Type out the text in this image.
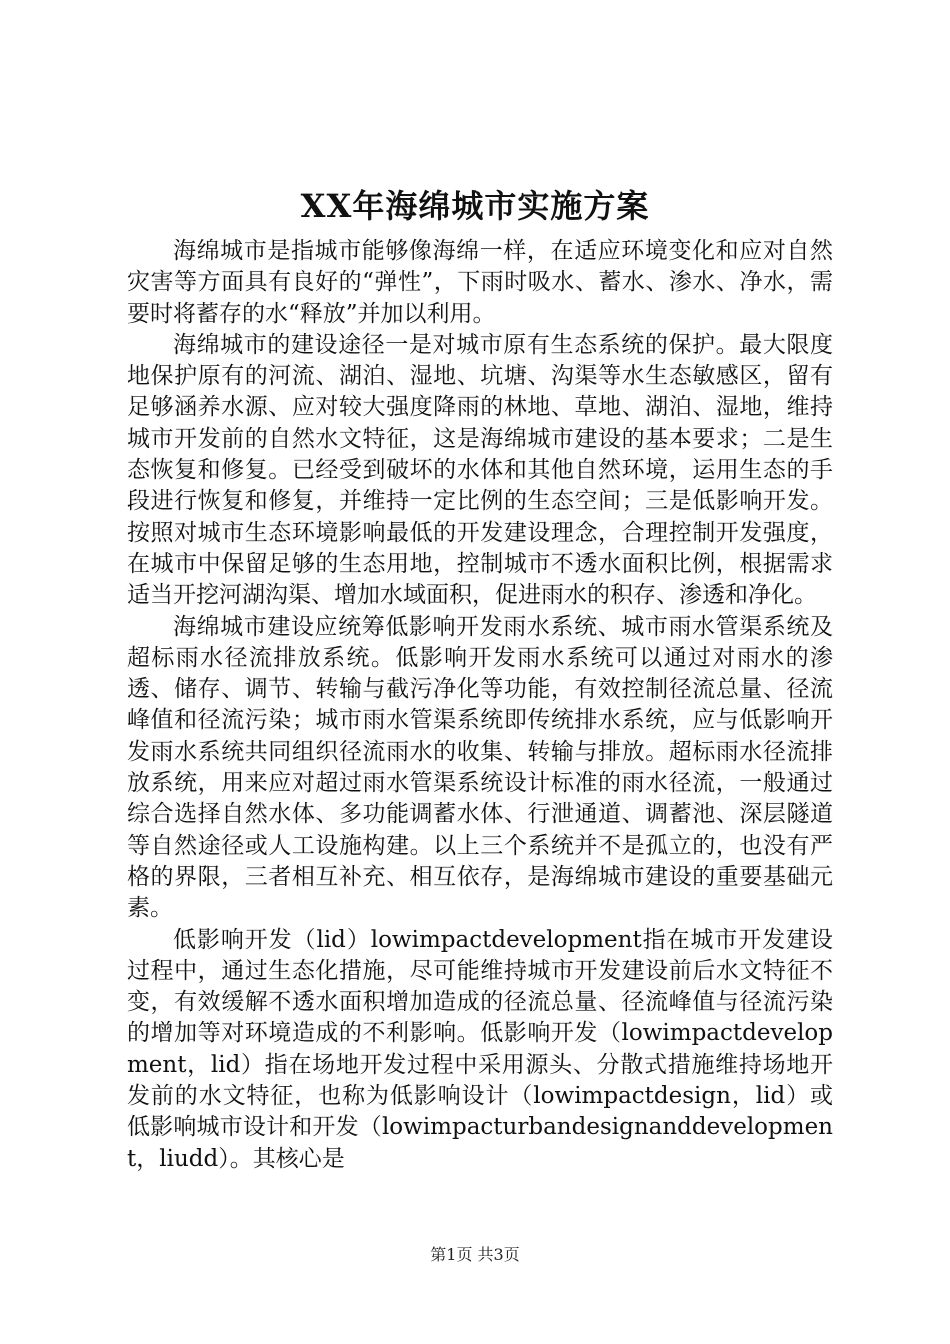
XX年海绵城市实施方案

海绵城市是指城市能够像海绵一样，在适应环境变化和应对自然灾害等方面具有良好的“弹性”，下雨时吸水、蓄水、渗水、净水，需要时将蓄存的水“释放”并加以利用。

海绵城市的建设途径一是对城市原有生态系统的保护。最大限度地保护原有的河流、湖泊、湿地、坑塘、沟渠等水生态敏感区，留有足够涵养水源、应对较大强度降雨的林地、草地、湖泊、湿地，维持城市开发前的自然水文特征，这是海绵城市建设的基本要求；二是生态恢复和修复。已经受到破坏的水体和其他自然环境，运用生态的手段进行恢复和修复，并维持一定比例的生态空间；三是低影响开发。按照对城市生态环境影响最低的开发建设理念，合理控制开发强度，在城市中保留足够的生态用地，控制城市不透水面积比例，根据需求适当开挖河湖沟渠、增加水域面积，促进雨水的积存、渗透和净化。

海绵城市建设应统筹低影响开发雨水系统、城市雨水管渠系统及超标雨水径流排放系统。低影响开发雨水系统可以通过对雨水的渗透、储存、调节、转输与截污净化等功能，有效控制径流总量、径流峰值和径流污染；城市雨水管渠系统即传统排水系统，应与低影响开发雨水系统共同组织径流雨水的收集、转输与排放。超标雨水径流排放系统，用来应对超过雨水管渠系统设计标准的雨水径流，一般通过综合选择自然水体、多功能调蓄水体、行泄通道、调蓄池、深层隧道等自然途径或人工设施构建。以上三个系统并不是孤立的，也没有严格的界限，三者相互补充、相互依存，是海绵城市建设的重要基础元素。

低影响开发（lid）lowimpactdevelopment指在城市开发建设过程中，通过生态化措施，尽可能维持城市开发建设前后水文特征不变，有效缓解不透水面积增加造成的径流总量、径流峰值与径流污染的增加等对环境造成的不利影响。低影响开发（lowimpactdevelopment，lid）指在场地开发过程中采用源头、分散式措施维持场地开发前的水文特征，也称为低影响设计（lowimpactdesign，lid）或低影响城市设计和开发（lowimpacturbandesignanddevelopment，liudd）。其核心是

第1页 共3页
